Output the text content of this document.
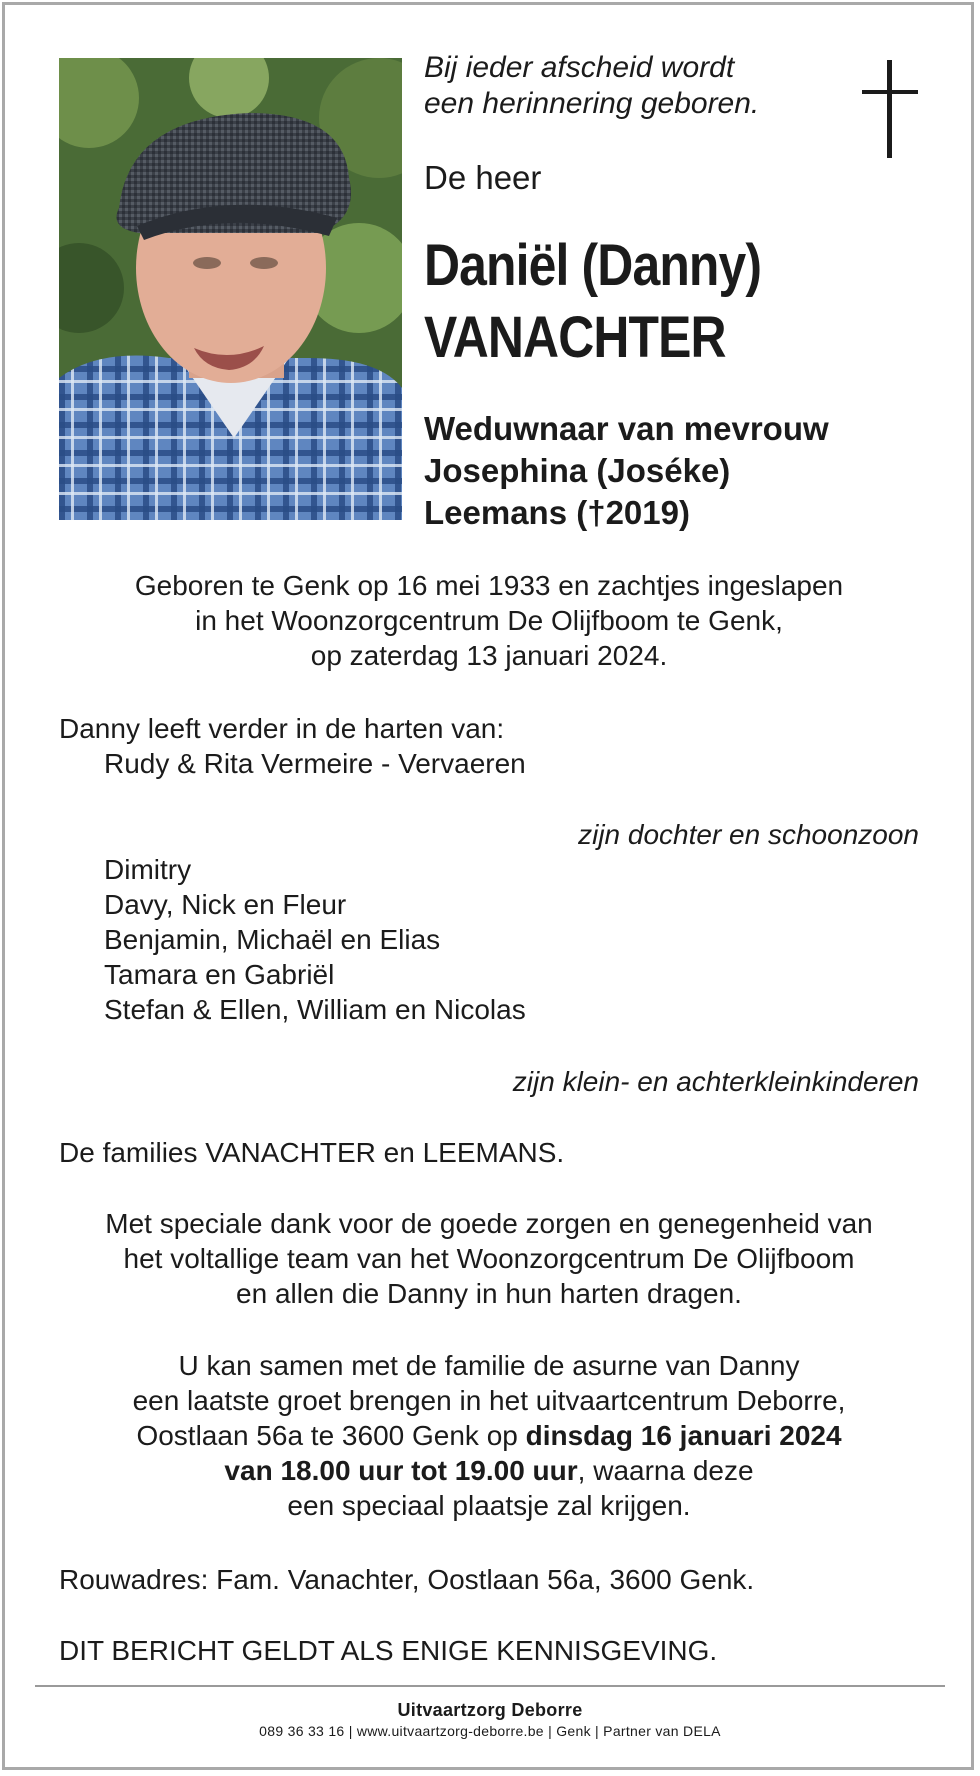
Bij ieder afscheid wordt
een herinnering geboren.
De heer
Daniël (Danny)
VANACHTER
Weduwnaar van mevrouw
Josephina (Joséke)
Leemans (†2019)
Geboren te Genk op 16 mei 1933 en zachtjes ingeslapen
in het Woonzorgcentrum De Olijfboom te Genk,
op zaterdag 13 januari 2024.
Danny leeft verder in de harten van:
Rudy & Rita Vermeire - Vervaeren
zijn dochter en schoonzoon
Dimitry
Davy, Nick en Fleur
Benjamin, Michaël en Elias
Tamara en Gabriël
Stefan & Ellen, William en Nicolas
zijn klein- en achterkleinkinderen
De families VANACHTER en LEEMANS.
Met speciale dank voor de goede zorgen en genegenheid van
het voltallige team van het Woonzorgcentrum De Olijfboom
en allen die Danny in hun harten dragen.
U kan samen met de familie de asurne van Danny
een laatste groet brengen in het uitvaartcentrum Deborre,
Oostlaan 56a te 3600 Genk op dinsdag 16 januari 2024
van 18.00 uur tot 19.00 uur, waarna deze
een speciaal plaatsje zal krijgen.
Rouwadres: Fam. Vanachter, Oostlaan 56a, 3600 Genk.
DIT BERICHT GELDT ALS ENIGE KENNISGEVING.
Uitvaartzorg Deborre
089 36 33 16 | www.uitvaartzorg-deborre.be | Genk | Partner van DELA
